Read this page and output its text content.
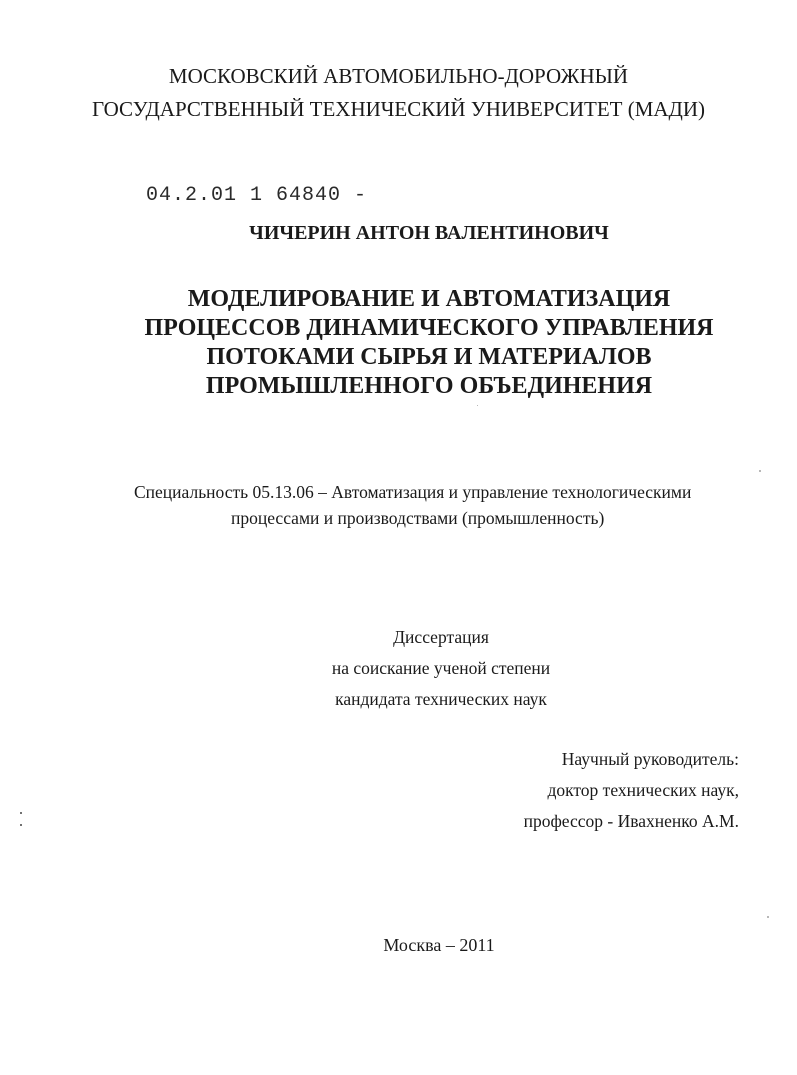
МОСКОВСКИЙ АВТОМОБИЛЬНО-ДОРОЖНЫЙ
ГОСУДАРСТВЕННЫЙ ТЕХНИЧЕСКИЙ УНИВЕРСИТЕТ (МАДИ)
04.2.01 1 64840 -
ЧИЧЕРИН АНТОН ВАЛЕНТИНОВИЧ
МОДЕЛИРОВАНИЕ И АВТОМАТИЗАЦИЯ
ПРОЦЕССОВ ДИНАМИЧЕСКОГО УПРАВЛЕНИЯ
ПОТОКАМИ СЫРЬЯ И МАТЕРИАЛОВ
ПРОМЫШЛЕННОГО ОБЪЕДИНЕНИЯ
Специальность 05.13.06 – Автоматизация и управление технологическими
процессами и производствами (промышленность)
Диссертация
на соискание ученой степени
кандидата технических наук
Научный руководитель:
доктор технических наук,
профессор - Ивахненко А.М.
Москва – 2011
